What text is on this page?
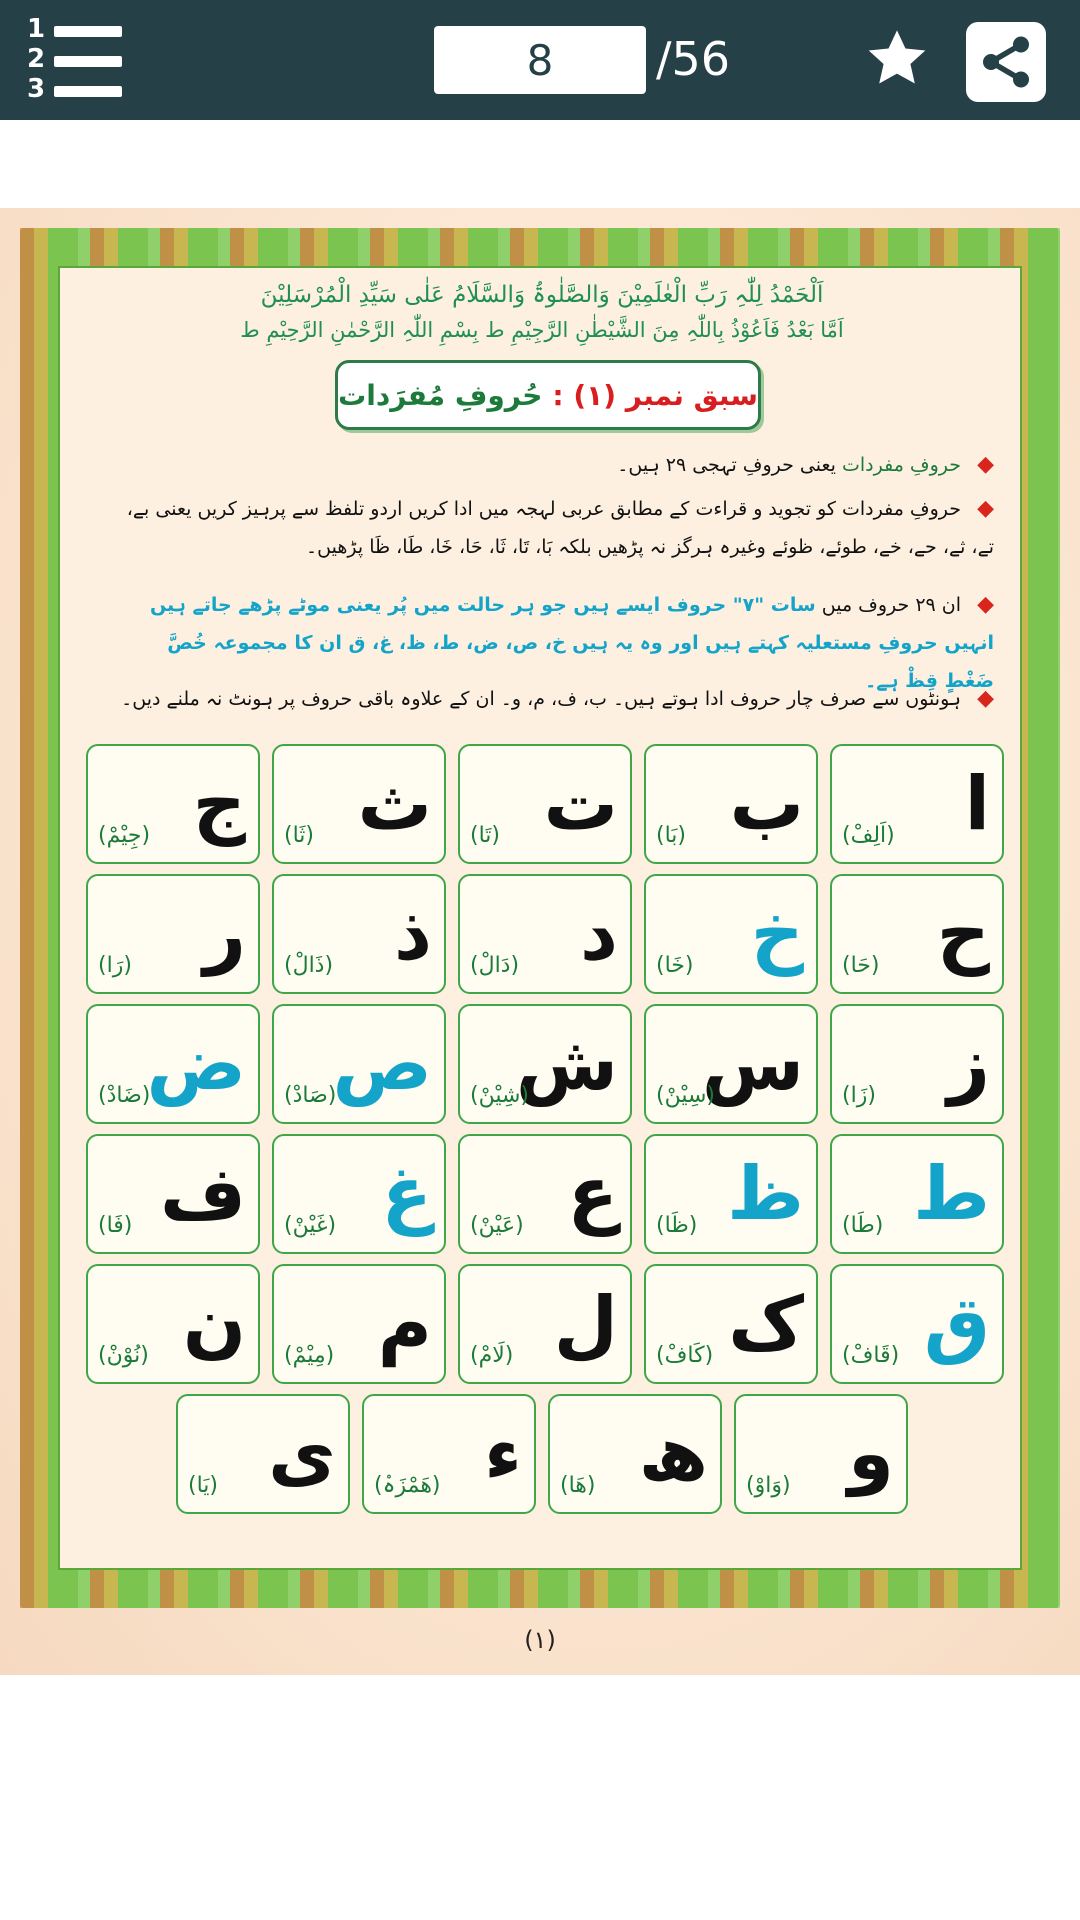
1
2
3
8
/56
اَلْحَمْدُ لِلّٰہِ رَبِّ الْعٰلَمِیْنَ وَالصَّلٰوۃُ وَالسَّلَامُ عَلٰی سَیِّدِ الْمُرْسَلِیْنَ
اَمَّا بَعْدُ فَاَعُوْذُ بِاللّٰہِ مِنَ الشَّیْطٰنِ الرَّجِیْمِ ط بِسْمِ اللّٰہِ الرَّحْمٰنِ الرَّحِیْمِ ط
سبق نمبر (۱) :
حُروفِ مُفرَدات
◆ حروفِ مفردات یعنی حروفِ تہجی ۲۹ ہیں۔
◆ حروفِ مفردات کو تجوید و قراءت کے مطابق عربی لہجہ میں ادا کریں اردو تلفظ سے پرہیز کریں یعنی بے، تے، ثے، حے، خے، طوئے، ظوئے وغیرہ ہرگز نہ پڑھیں بلکہ بَا، تَا، ثَا، حَا، خَا، طَا، ظَا پڑھیں۔
◆ ان ۲۹ حروف میں سات "۷" حروف ایسے ہیں جو ہر حالت میں پُر یعنی موٹے پڑھے جاتے ہیں انہیں حروفِ مستعلیہ کہتے ہیں اور وہ یہ ہیں خ، ص، ض، ط، ظ، غ، ق ان کا مجموعہ خُصَّ ضَغْطٍ قِظْ ہے۔
◆ ہونٹوں سے صرف چار حروف ادا ہوتے ہیں۔ ب، ف، م، و۔ ان کے علاوہ باقی حروف پر ہونٹ نہ ملنے دیں۔
ا
(اَلِفْ)
ب
(بَا)
ت
(تَا)
ث
(ثَا)
ج
(جِیْمْ)
ح
(حَا)
خ
(خَا)
د
(دَالْ)
ذ
(ذَالْ)
ر
(رَا)
ز
(زَا)
س
(سِیْنْ)
ش
(شِیْنْ)
ص
(صَادْ)
ض
(ضَادْ)
ط
(طَا)
ظ
(ظَا)
ع
(عَیْنْ)
غ
(غَیْنْ)
ف
(فَا)
ق
(قَافْ)
ک
(کَافْ)
ل
(لَامْ)
م
(مِیْمْ)
ن
(نُوْنْ)
و
(وَاوْ)
ھ
(ھَا)
ء
(ھَمْزَہْ)
ی
(یَا)
(۱)
